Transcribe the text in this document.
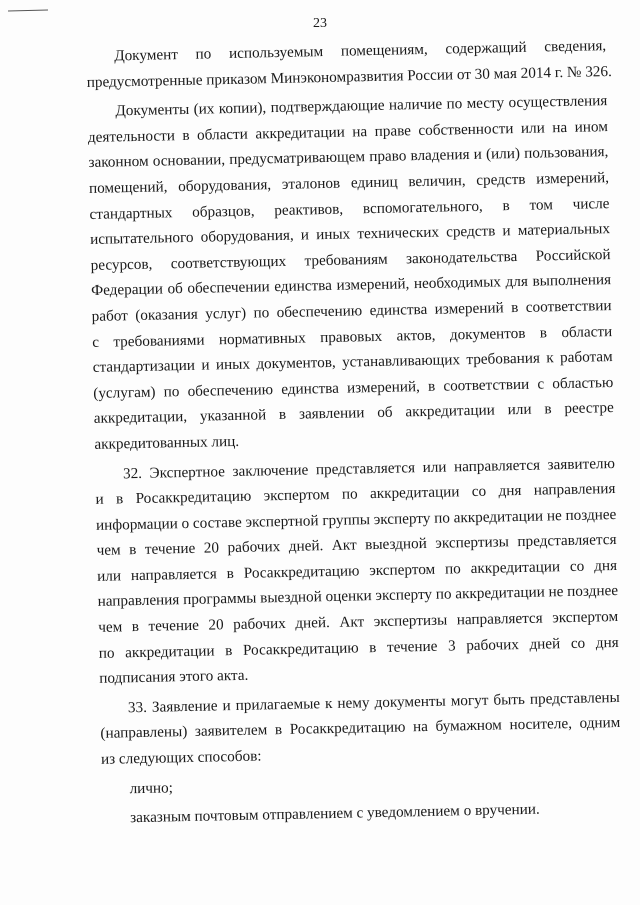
23
Документ по используемым помещениям, содержащий сведения,
предусмотренные приказом Минэкономразвития России от 30 мая 2014 г. № 326.
Документы (их копии), подтверждающие наличие по месту осуществления
деятельности в области аккредитации на праве собственности или на ином
законном основании, предусматривающем право владения и (или) пользования,
помещений, оборудования, эталонов единиц величин, средств измерений,
стандартных образцов, реактивов, вспомогательного, в том числе
испытательного оборудования, и иных технических средств и материальных
ресурсов, соответствующих требованиям законодательства Российской
Федерации об обеспечении единства измерений, необходимых для выполнения
работ (оказания услуг) по обеспечению единства измерений в соответствии
с требованиями нормативных правовых актов, документов в области
стандартизации и иных документов, устанавливающих требования к работам
(услугам) по обеспечению единства измерений, в соответствии с областью
аккредитации, указанной в заявлении об аккредитации или в реестре
аккредитованных лиц.
32. Экспертное заключение представляется или направляется заявителю
и в Росаккредитацию экспертом по аккредитации со дня направления
информации о составе экспертной группы эксперту по аккредитации не позднее
чем в течение 20 рабочих дней. Акт выездной экспертизы представляется
или направляется в Росаккредитацию экспертом по аккредитации со дня
направления программы выездной оценки эксперту по аккредитации не позднее
чем в течение 20 рабочих дней. Акт экспертизы направляется экспертом
по аккредитации в Росаккредитацию в течение 3 рабочих дней со дня
подписания этого акта.
33. Заявление и прилагаемые к нему документы могут быть представлены
(направлены) заявителем в Росаккредитацию на бумажном носителе, одним
из следующих способов:
лично;
заказным почтовым отправлением с уведомлением о вручении.
